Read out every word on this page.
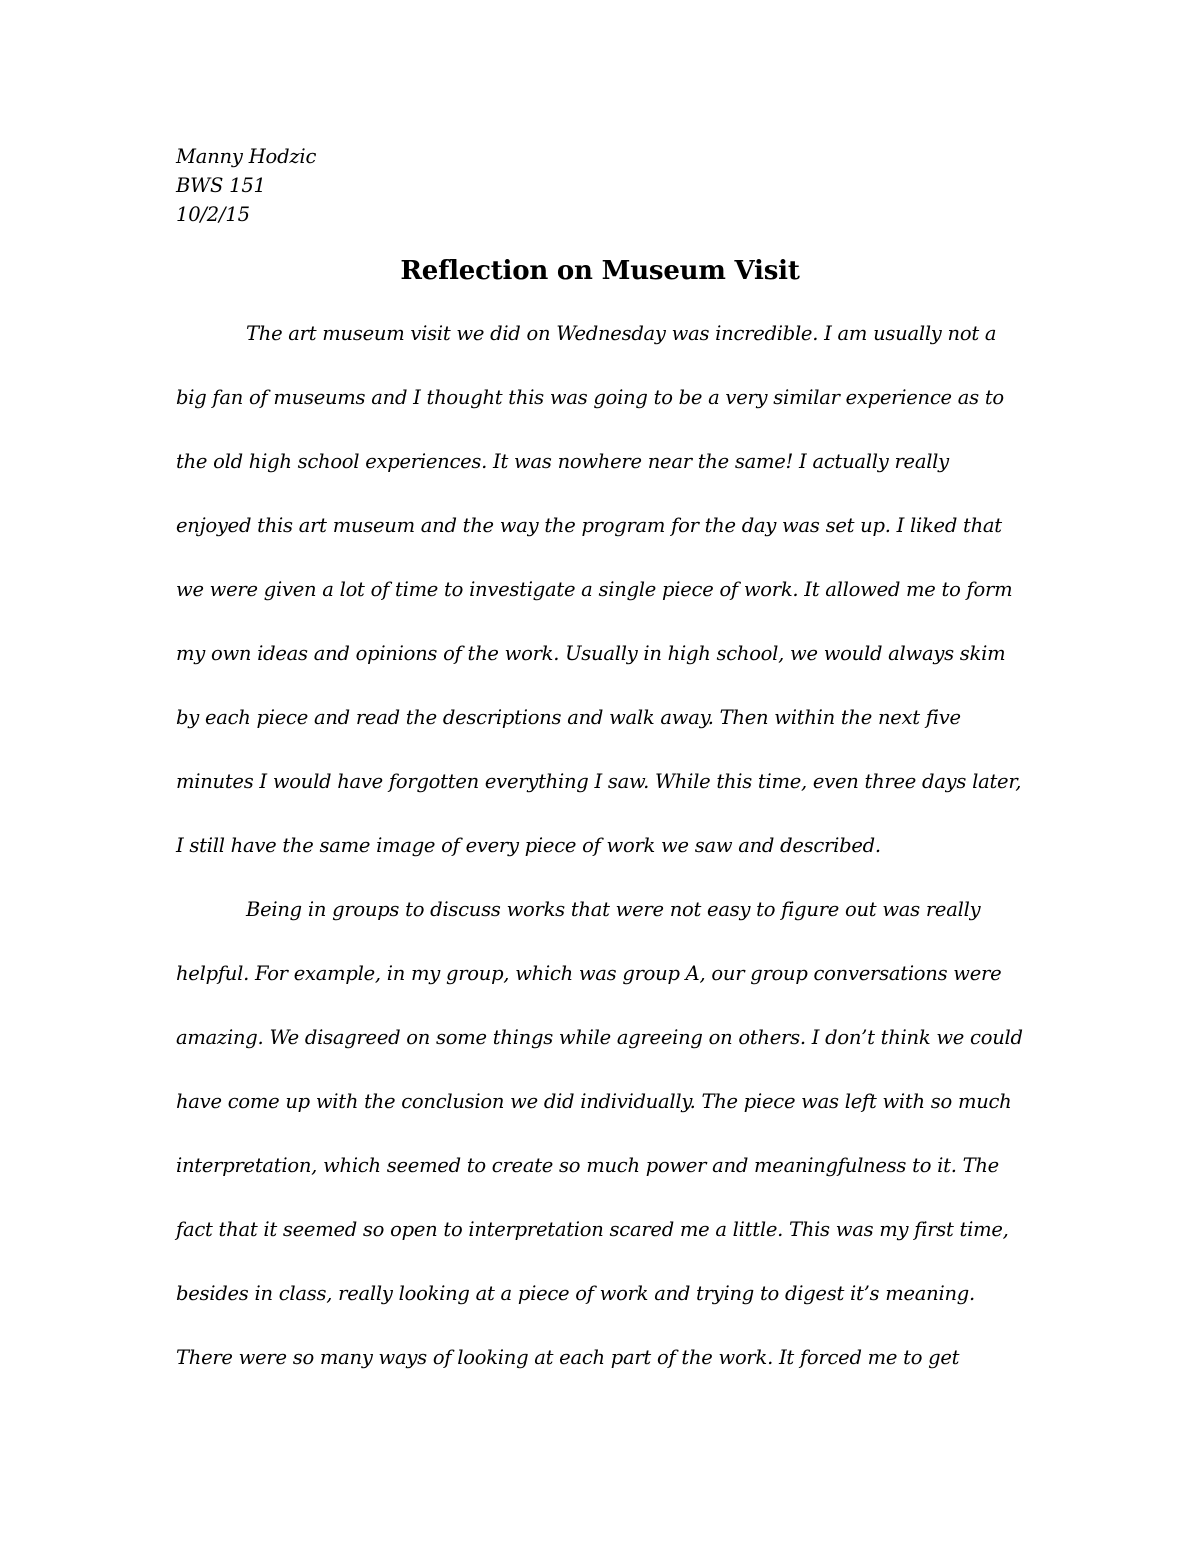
Manny Hodzic
BWS 151
10/2/15
Reflection on Museum Visit
The art museum visit we did on Wednesday was incredible. I am usually not a
big fan of museums and I thought this was going to be a very similar experience as to
the old high school experiences. It was nowhere near the same! I actually really
enjoyed this art museum and the way the program for the day was set up. I liked that
we were given a lot of time to investigate a single piece of work. It allowed me to form
my own ideas and opinions of the work. Usually in high school, we would always skim
by each piece and read the descriptions and walk away. Then within the next five
minutes I would have forgotten everything I saw. While this time, even three days later,
I still have the same image of every piece of work we saw and described.
Being in groups to discuss works that were not easy to figure out was really
helpful. For example, in my group, which was group A, our group conversations were
amazing. We disagreed on some things while agreeing on others. I don’t think we could
have come up with the conclusion we did individually. The piece was left with so much
interpretation, which seemed to create so much power and meaningfulness to it. The
fact that it seemed so open to interpretation scared me a little. This was my first time,
besides in class, really looking at a piece of work and trying to digest it’s meaning.
There were so many ways of looking at each part of the work. It forced me to get
